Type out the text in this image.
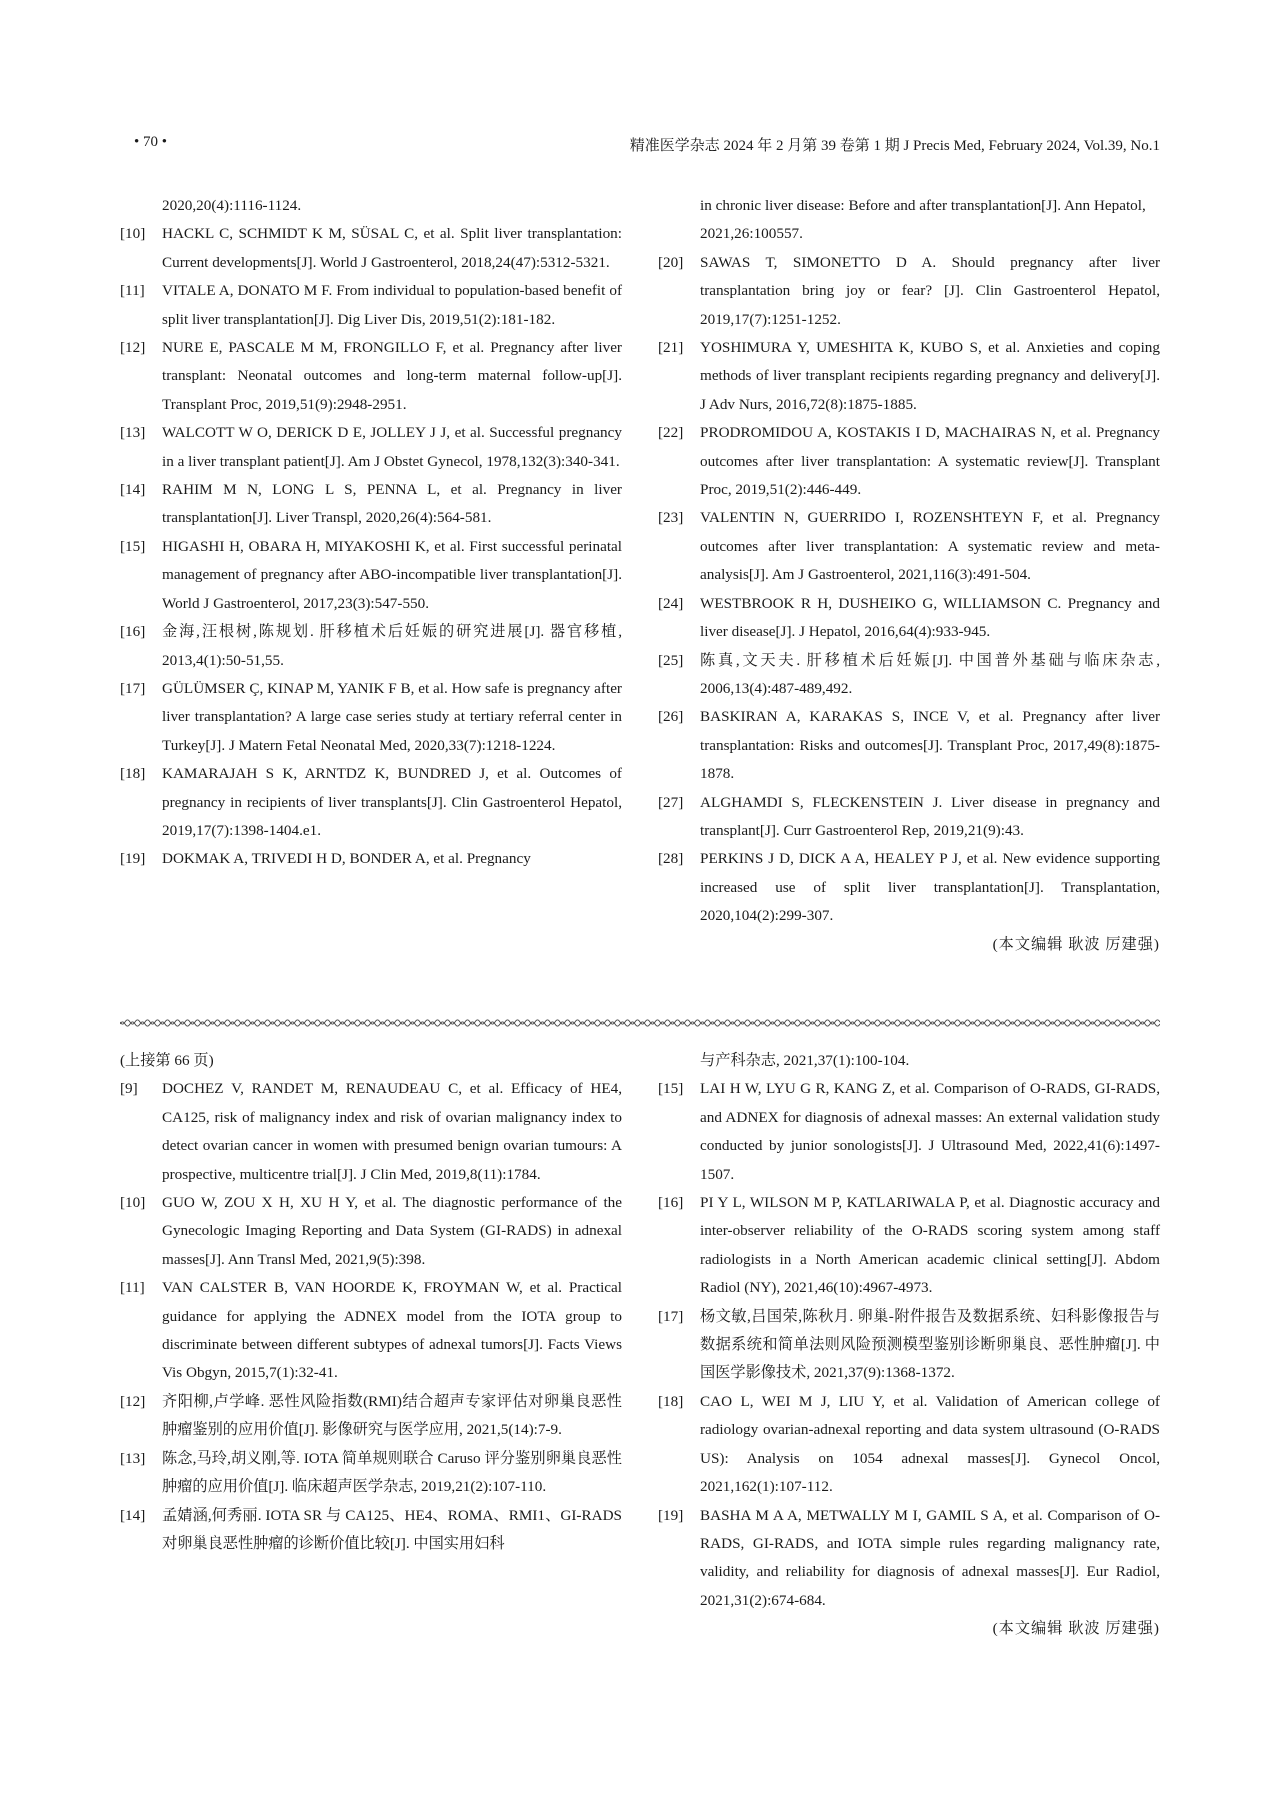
• 70 •	精准医学杂志 2024 年 2 月第 39 卷第 1 期 J Precis Med, February 2024, Vol.39, No.1
2020,20(4):1116-1124.
[10]	HACKL C, SCHMIDT K M, SÜSAL C, et al. Split liver transplantation: Current developments[J]. World J Gastroenterol, 2018,24(47):5312-5321.
[11]	VITALE A, DONATO M F. From individual to population-based benefit of split liver transplantation[J]. Dig Liver Dis, 2019,51(2):181-182.
[12]	NURE E, PASCALE M M, FRONGILLO F, et al. Pregnancy after liver transplant: Neonatal outcomes and long-term maternal follow-up[J]. Transplant Proc, 2019,51(9):2948-2951.
[13]	WALCOTT W O, DERICK D E, JOLLEY J J, et al. Successful pregnancy in a liver transplant patient[J]. Am J Obstet Gynecol, 1978,132(3):340-341.
[14]	RAHIM M N, LONG L S, PENNA L, et al. Pregnancy in liver transplantation[J]. Liver Transpl, 2020,26(4):564-581.
[15]	HIGASHI H, OBARA H, MIYAKOSHI K, et al. First successful perinatal management of pregnancy after ABO-incompatible liver transplantation[J]. World J Gastroenterol, 2017,23(3):547-550.
[16]	金海,汪根树,陈规划. 肝移植术后妊娠的研究进展[J]. 器官移植, 2013,4(1):50-51,55.
[17]	GÜLÜMSER Ç, KINAP M, YANIK F B, et al. How safe is pregnancy after liver transplantation? A large case series study at tertiary referral center in Turkey[J]. J Matern Fetal Neonatal Med, 2020,33(7):1218-1224.
[18]	KAMARAJAH S K, ARNTDZ K, BUNDRED J, et al. Outcomes of pregnancy in recipients of liver transplants[J]. Clin Gastroenterol Hepatol, 2019,17(7):1398-1404.e1.
[19]	DOKMAK A, TRIVEDI H D, BONDER A, et al. Pregnancy
in chronic liver disease: Before and after transplantation[J]. Ann Hepatol, 2021,26:100557.
[20]	SAWAS T, SIMONETTO D A. Should pregnancy after liver transplantation bring joy or fear? [J]. Clin Gastroenterol Hepatol, 2019,17(7):1251-1252.
[21]	YOSHIMURA Y, UMESHITA K, KUBO S, et al. Anxieties and coping methods of liver transplant recipients regarding pregnancy and delivery[J]. J Adv Nurs, 2016,72(8):1875-1885.
[22]	PRODROMIDOU A, KOSTAKIS I D, MACHAIRAS N, et al. Pregnancy outcomes after liver transplantation: A systematic review[J]. Transplant Proc, 2019,51(2):446-449.
[23]	VALENTIN N, GUERRIDO I, ROZENSHTEYN F, et al. Pregnancy outcomes after liver transplantation: A systematic review and meta-analysis[J]. Am J Gastroenterol, 2021,116(3):491-504.
[24]	WESTBROOK R H, DUSHEIKO G, WILLIAMSON C. Pregnancy and liver disease[J]. J Hepatol, 2016,64(4):933-945.
[25]	陈真,文天夫. 肝移植术后妊娠[J]. 中国普外基础与临床杂志, 2006,13(4):487-489,492.
[26]	BASKIRAN A, KARAKAS S, INCE V, et al. Pregnancy after liver transplantation: Risks and outcomes[J]. Transplant Proc, 2017,49(8):1875-1878.
[27]	ALGHAMDI S, FLECKENSTEIN J. Liver disease in pregnancy and transplant[J]. Curr Gastroenterol Rep, 2019,21(9):43.
[28]	PERKINS J D, DICK A A, HEALEY P J, et al. New evidence supporting increased use of split liver transplantation[J]. Transplantation, 2020,104(2):299-307.
(本文编辑 耿波 厉建强)
(上接第 66 页)
[9]	DOCHEZ V, RANDET M, RENAUDEAU C, et al. Efficacy of HE4, CA125, risk of malignancy index and risk of ovarian malignancy index to detect ovarian cancer in women with presumed benign ovarian tumours: A prospective, multicentre trial[J]. J Clin Med, 2019,8(11):1784.
[10]	GUO W, ZOU X H, XU H Y, et al. The diagnostic performance of the Gynecologic Imaging Reporting and Data System (GI-RADS) in adnexal masses[J]. Ann Transl Med, 2021,9(5):398.
[11]	VAN CALSTER B, VAN HOORDE K, FROYMAN W, et al. Practical guidance for applying the ADNEX model from the IOTA group to discriminate between different subtypes of adnexal tumors[J]. Facts Views Vis Obgyn, 2015,7(1):32-41.
[12]	齐阳柳,卢学峰. 恶性风险指数(RMI)结合超声专家评估对卵巢良恶性肿瘤鉴别的应用价值[J]. 影像研究与医学应用, 2021,5(14):7-9.
[13]	陈念,马玲,胡义刚,等. IOTA 简单规则联合 Caruso 评分鉴别卵巢良恶性肿瘤的应用价值[J]. 临床超声医学杂志, 2019,21(2):107-110.
[14]	孟婧涵,何秀丽. IOTA SR 与 CA125、HE4、ROMA、RMI1、GI-RADS 对卵巢良恶性肿瘤的诊断价值比较[J]. 中国实用妇科
与产科杂志, 2021,37(1):100-104.
[15]	LAI H W, LYU G R, KANG Z, et al. Comparison of O-RADS, GI-RADS, and ADNEX for diagnosis of adnexal masses: An external validation study conducted by junior sonologists[J]. J Ultrasound Med, 2022,41(6):1497-1507.
[16]	PI Y L, WILSON M P, KATLARIWALA P, et al. Diagnostic accuracy and inter-observer reliability of the O-RADS scoring system among staff radiologists in a North American academic clinical setting[J]. Abdom Radiol (NY), 2021,46(10):4967-4973.
[17]	杨文敏,吕国荣,陈秋月. 卵巢-附件报告及数据系统、妇科影像报告与数据系统和简单法则风险预测模型鉴别诊断卵巢良、恶性肿瘤[J]. 中国医学影像技术, 2021,37(9):1368-1372.
[18]	CAO L, WEI M J, LIU Y, et al. Validation of American college of radiology ovarian-adnexal reporting and data system ultrasound (O-RADS US): Analysis on 1054 adnexal masses[J]. Gynecol Oncol, 2021,162(1):107-112.
[19]	BASHA M A A, METWALLY M I, GAMIL S A, et al. Comparison of O-RADS, GI-RADS, and IOTA simple rules regarding malignancy rate, validity, and reliability for diagnosis of adnexal masses[J]. Eur Radiol, 2021,31(2):674-684.
(本文编辑 耿波 厉建强)
